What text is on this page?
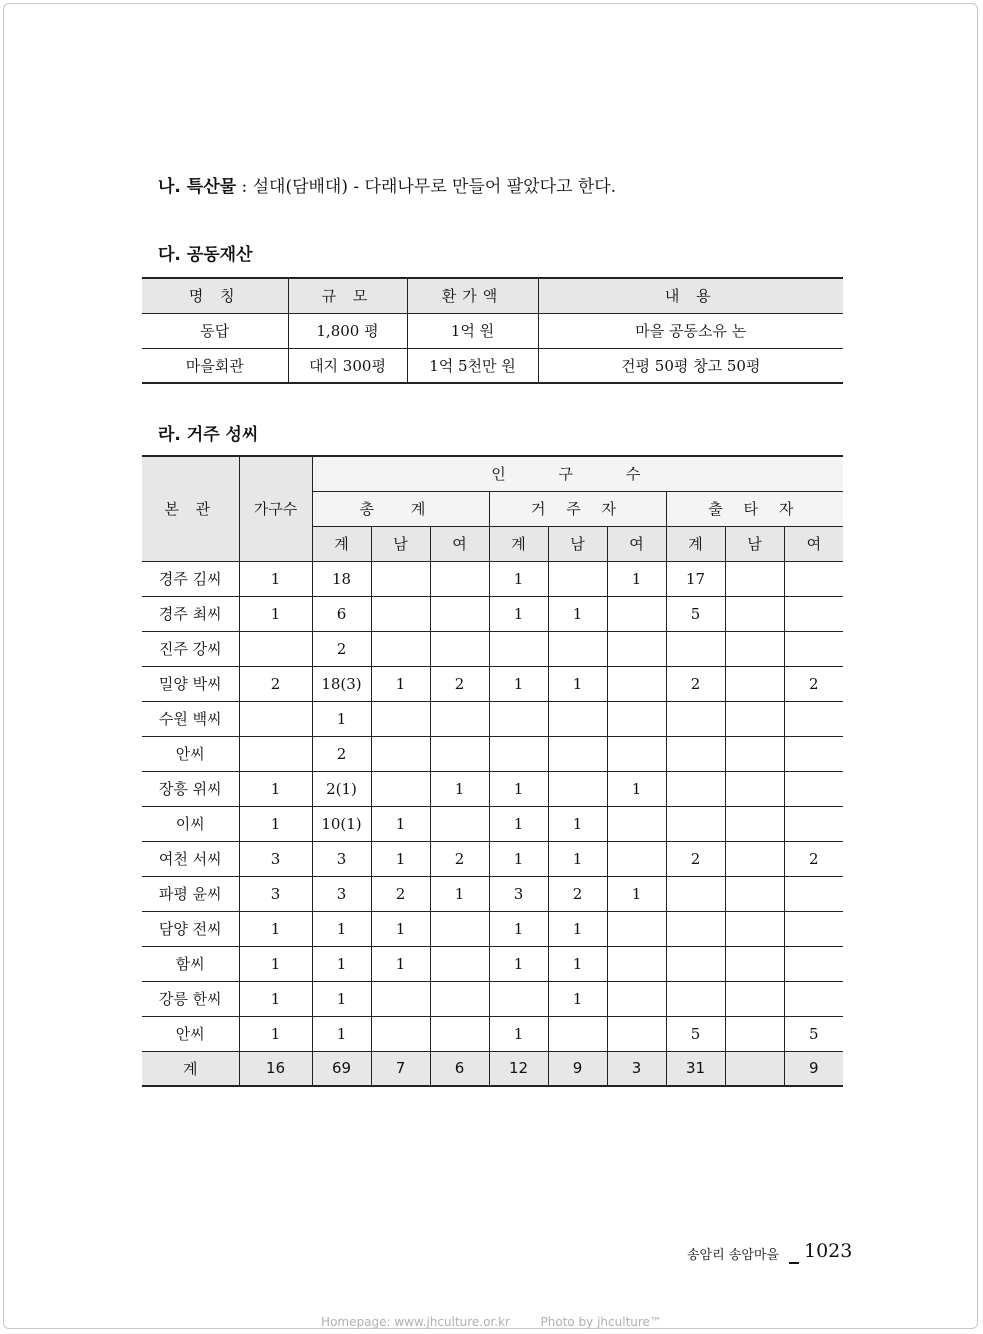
나. 특산물 : 설대(담배대) - 다래나무로 만들어 팔았다고 한다.
다. 공동재산
명 칭	규 모	환가액	내 용
동답	1,800 평	1억 원	마을 공동소유 논
마을회관	대지 300평	1억 5천만 원	건평 50평 창고 50평
라. 거주 성씨
본 관	가구수	인 구 수								
		총 계			거 주 자			출 타 자		
		계	남	여	계	남	여	계	남	여
경주 김씨	1	18			1		1	17		
경주 최씨	1	6			1	1		5		
진주 강씨		2								
밀양 박씨	2	18(3)	1	2	1	1		2		2
수원 백씨		1								
안씨		2								
장흥 위씨	1	2(1)		1	1		1			
이씨	1	10(1)	1		1	1				
여천 서씨	3	3	1	2	1	1		2		2
파평 윤씨	3	3	2	1	3	2	1			
담양 전씨	1	1	1		1	1				
함씨	1	1	1		1	1				
강릉 한씨	1	1				1				
안씨	1	1			1			5		5
계	16	69	7	6	12	9	3	31		9
송암리 송암마을 1023
Homepage: www.jhculture.or.kr        Photo by jhculture™
